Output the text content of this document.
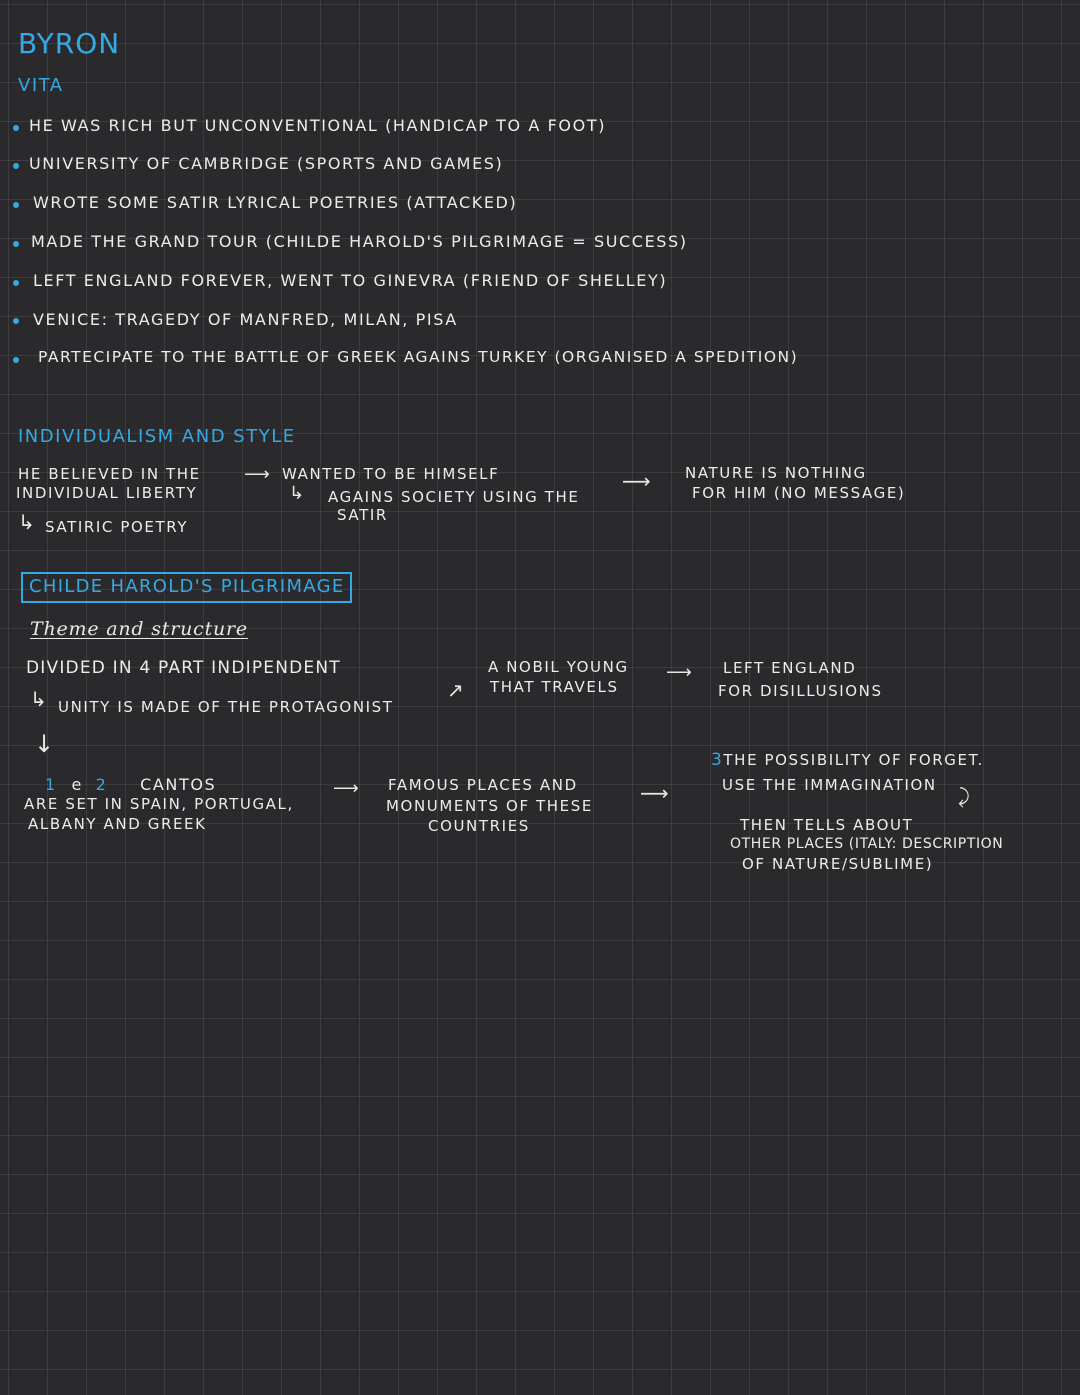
BYRON
VITA
HE WAS RICH BUT UNCONVENTIONAL (HANDICAP TO A FOOT)
UNIVERSITY OF CAMBRIDGE (SPORTS AND GAMES)
WROTE SOME SATIR LYRICAL POETRIES (ATTACKED)
MADE THE GRAND TOUR (CHILDE HAROLD'S PILGRIMAGE = SUCCESS)
LEFT ENGLAND FOREVER, WENT TO GINEVRA (FRIEND OF SHELLEY)
VENICE: TRAGEDY OF MANFRED, MILAN, PISA
PARTECIPATE TO THE BATTLE OF GREEK AGAINS TURKEY (ORGANISED A SPEDITION)
INDIVIDUALISM AND STYLE
HE BELIEVED IN THE
INDIVIDUAL LIBERTY
↳ SATIRIC POETRY
⟶ WANTED TO BE HIMSELF
↳ AGAINS SOCIETY USING THE
SATIR
⟶ NATURE IS NOTHING
FOR HIM (NO MESSAGE)
CHILDE HAROLD'S PILGRIMAGE
Theme and structure
DIVIDED IN 4 PART INDIPENDENT
↳ UNITY IS MADE OF THE PROTAGONIST
↗
A NOBIL YOUNG
THAT TRAVELS
⟶ LEFT ENGLAND
FOR DISILLUSIONS
↓
1 e 2 CANTOS
ARE SET IN SPAIN, PORTUGAL,
ALBANY AND GREEK
⟶ FAMOUS PLACES AND
MONUMENTS OF THESE
COUNTRIES
⟶
3THE POSSIBILITY OF FORGET.
USE THE IMMAGINATION ⤸
THEN TELLS ABOUT
OTHER PLACES (ITALY: DESCRIPTION
OF NATURE/SUBLIME)
